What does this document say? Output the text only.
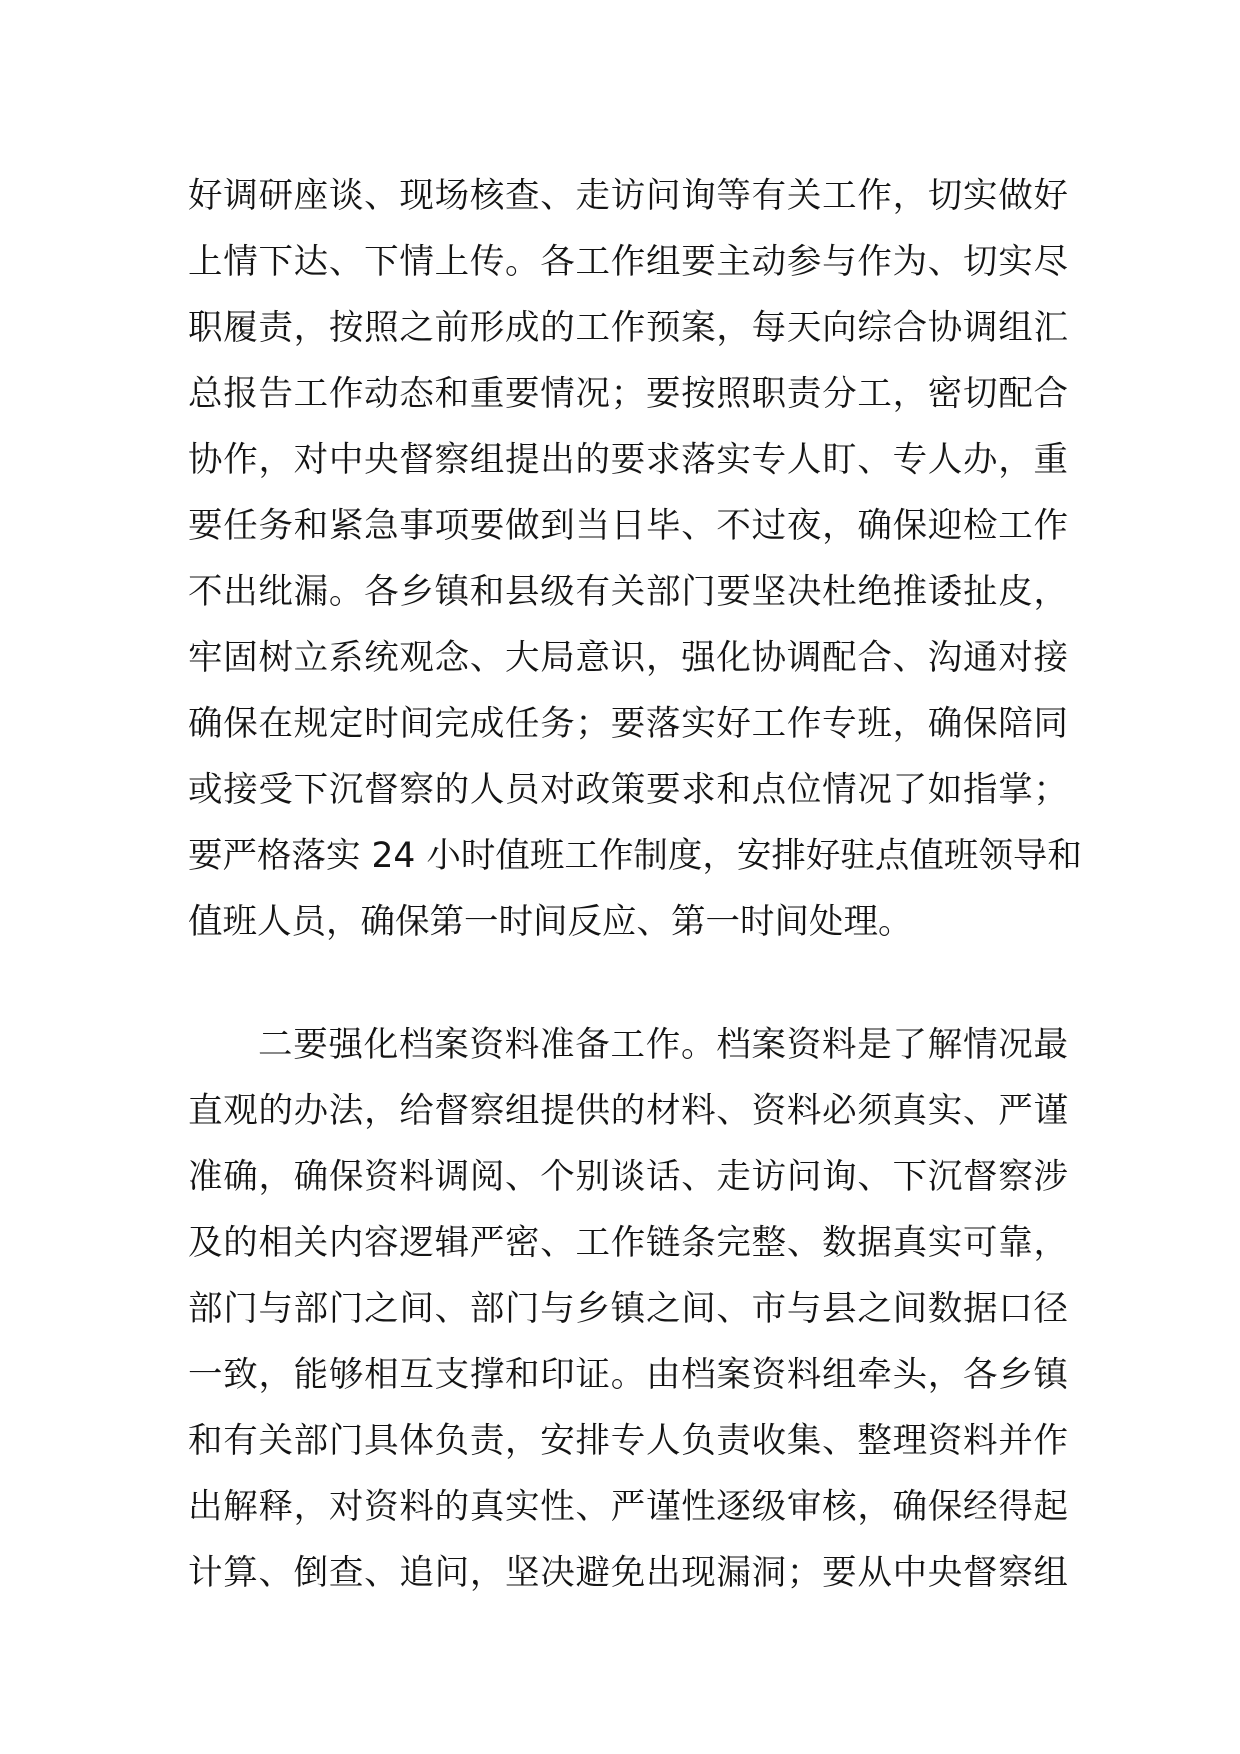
好调研座谈、现场核查、走访问询等有关工作，切实做好
上情下达、下情上传。各工作组要主动参与作为、切实尽
职履责，按照之前形成的工作预案，每天向综合协调组汇
总报告工作动态和重要情况；要按照职责分工，密切配合
协作，对中央督察组提出的要求落实专人盯、专人办，重
要任务和紧急事项要做到当日毕、不过夜，确保迎检工作
不出纰漏。各乡镇和县级有关部门要坚决杜绝推诿扯皮，
牢固树立系统观念、大局意识，强化协调配合、沟通对接
确保在规定时间完成任务；要落实好工作专班，确保陪同
或接受下沉督察的人员对政策要求和点位情况了如指掌；
要严格落实 24 小时值班工作制度，安排好驻点值班领导和
值班人员，确保第一时间反应、第一时间处理。
二要强化档案资料准备工作。档案资料是了解情况最
直观的办法，给督察组提供的材料、资料必须真实、严谨
准确，确保资料调阅、个别谈话、走访问询、下沉督察涉
及的相关内容逻辑严密、工作链条完整、数据真实可靠，
部门与部门之间、部门与乡镇之间、市与县之间数据口径
一致，能够相互支撑和印证。由档案资料组牵头，各乡镇
和有关部门具体负责，安排专人负责收集、整理资料并作
出解释，对资料的真实性、严谨性逐级审核，确保经得起
计算、倒查、追问，坚决避免出现漏洞；要从中央督察组
